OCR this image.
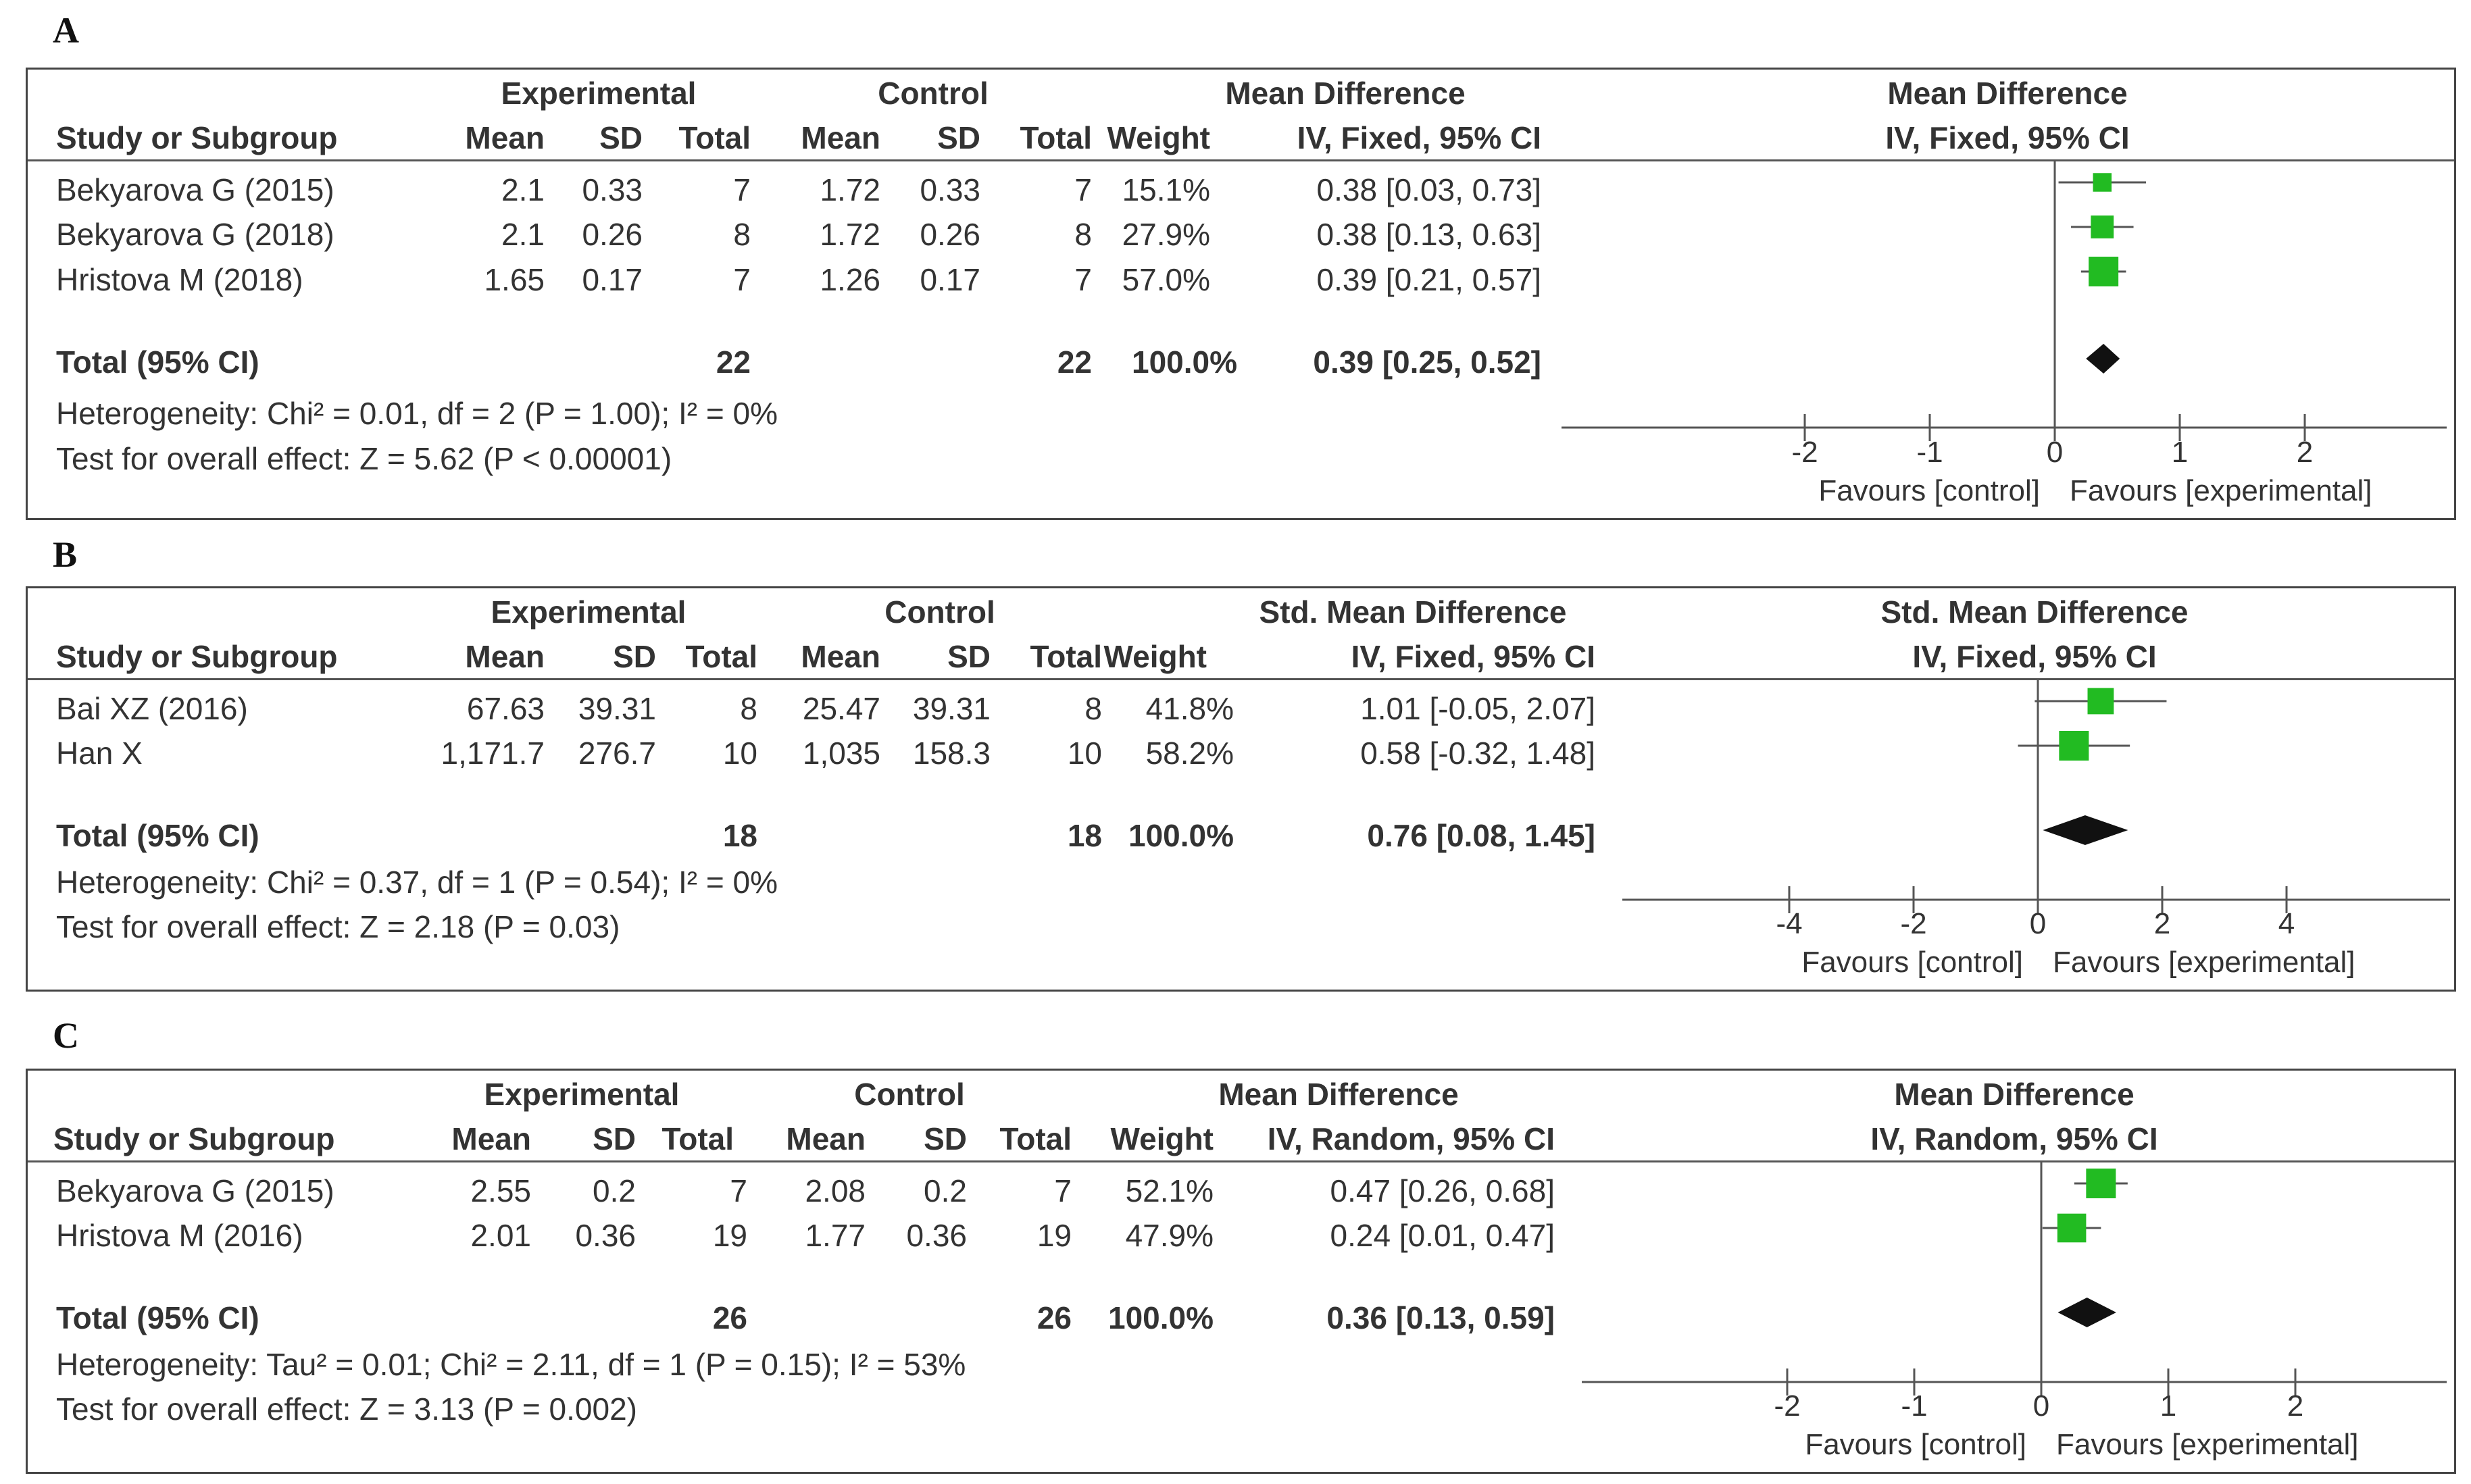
A
Experimental	Control	Mean Difference	Mean Difference
Study or Subgroup	Mean	SD	Total	Mean	SD	Total Weight	IV, Fixed, 95% CI	IV, Fixed, 95% CI
Bekyarova G (2015)	2.1	0.33	7	1.72	0.33	7 15.1%	0.38 [0.03, 0.73]
Bekyarova G (2018)	2.1	0.26	8	1.72	0.26	8 27.9%	0.38 [0.13, 0.63]
Hristova M (2018)	1.65	0.17	7	1.26	0.17	7 57.0%	0.39 [0.21, 0.57]
Total (95% CI)	22	22	100.0%	0.39 [0.25, 0.52]
Heterogeneity: Chi² = 0.01, df = 2 (P = 1.00); I² = 0%
Test for overall effect: Z = 5.62 (P < 0.00001)	-2	-1	0	1	2
Favours [control] Favours [experimental]
B
Experimental	Control	Std. Mean Difference	Std. Mean Difference
Study or Subgroup	Mean	SD Total	Mean	SD	Total Weight	IV, Fixed, 95% CI	IV, Fixed, 95% CI
Bai XZ (2016)	67.63	39.31	8	25.47	39.31	8	41.8%	1.01 [-0.05, 2.07]
Han X	1,171.7	276.7	10	1,035	158.3	10	58.2%	0.58 [-0.32, 1.48]
Total (95% CI)	18	18 100.0%	0.76 [0.08, 1.45]
Heterogeneity: Chi² = 0.37, df = 1 (P = 0.54); I² = 0%
Test for overall effect: Z = 2.18 (P = 0.03)	-4	-2	0	2	4
Favours [control] Favours [experimental]
C
Experimental	Control	Mean Difference	Mean Difference
Study or Subgroup	Mean	SD Total	Mean	SD	Total	Weight	IV, Random, 95% CI	IV, Random, 95% CI
Bekyarova G (2015)	2.55	0.2	7	2.08	0.2	7	52.1%	0.47 [0.26, 0.68]
Hristova M (2016)	2.01	0.36	19	1.77	0.36	19	47.9%	0.24 [0.01, 0.47]
Total (95% CI)	26	26	100.0%	0.36 [0.13, 0.59]
Heterogeneity: Tau² = 0.01; Chi² = 2.11, df = 1 (P = 0.15); I² = 53%
Test for overall effect: Z = 3.13 (P = 0.002)	-2	-1	0	1	2
Favours [control] Favours [experimental]
